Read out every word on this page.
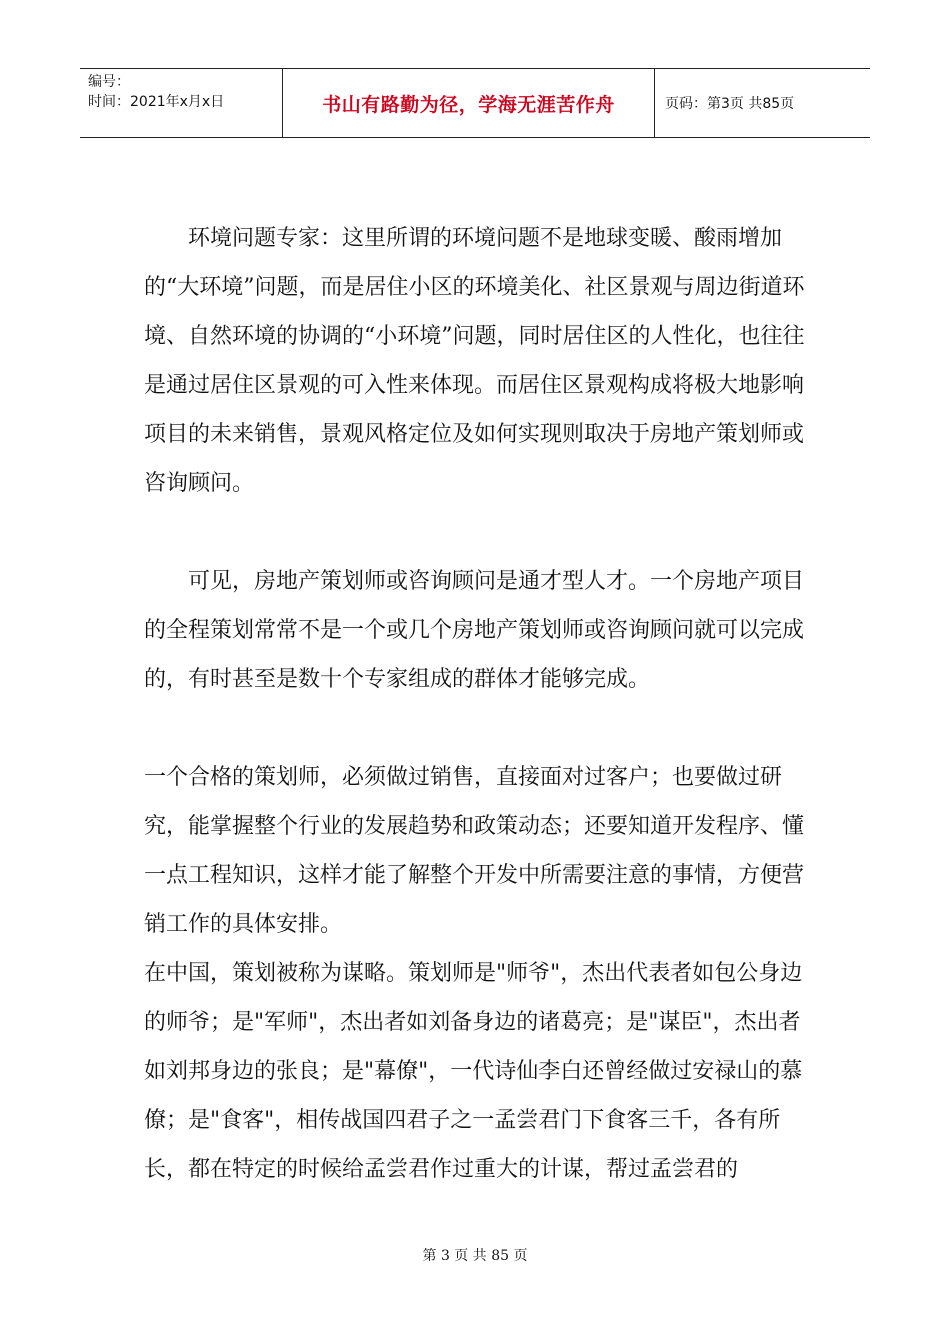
编号：
时间：2021年x月x日	书山有路勤为径，学海无涯苦作舟	页码：第3页 共85页

环境问题专家：这里所谓的环境问题不是地球变暖、酸雨增加的“大环境”问题，而是居住小区的环境美化、社区景观与周边街道环境、自然环境的协调的“小环境”问题，同时居住区的人性化，也往往是通过居住区景观的可入性来体现。而居住区景观构成将极大地影响项目的未来销售，景观风格定位及如何实现则取决于房地产策划师或咨询顾问。

可见，房地产策划师或咨询顾问是通才型人才。一个房地产项目的全程策划常常不是一个或几个房地产策划师或咨询顾问就可以完成的，有时甚至是数十个专家组成的群体才能够完成。

一个合格的策划师，必须做过销售，直接面对过客户；也要做过研究，能掌握整个行业的发展趋势和政策动态；还要知道开发程序、懂一点工程知识，这样才能了解整个开发中所需要注意的事情，方便营销工作的具体安排。

在中国，策划被称为谋略。策划师是"师爷"，杰出代表者如包公身边的师爷；是"军师"，杰出者如刘备身边的诸葛亮；是"谋臣"，杰出者如刘邦身边的张良；是"幕僚"，一代诗仙李白还曾经做过安禄山的慕僚；是"食客"，相传战国四君子之一孟尝君门下食客三千，各有所长，都在特定的时候给孟尝君作过重大的计谋，帮过孟尝君的

第 3 页 共 85 页
